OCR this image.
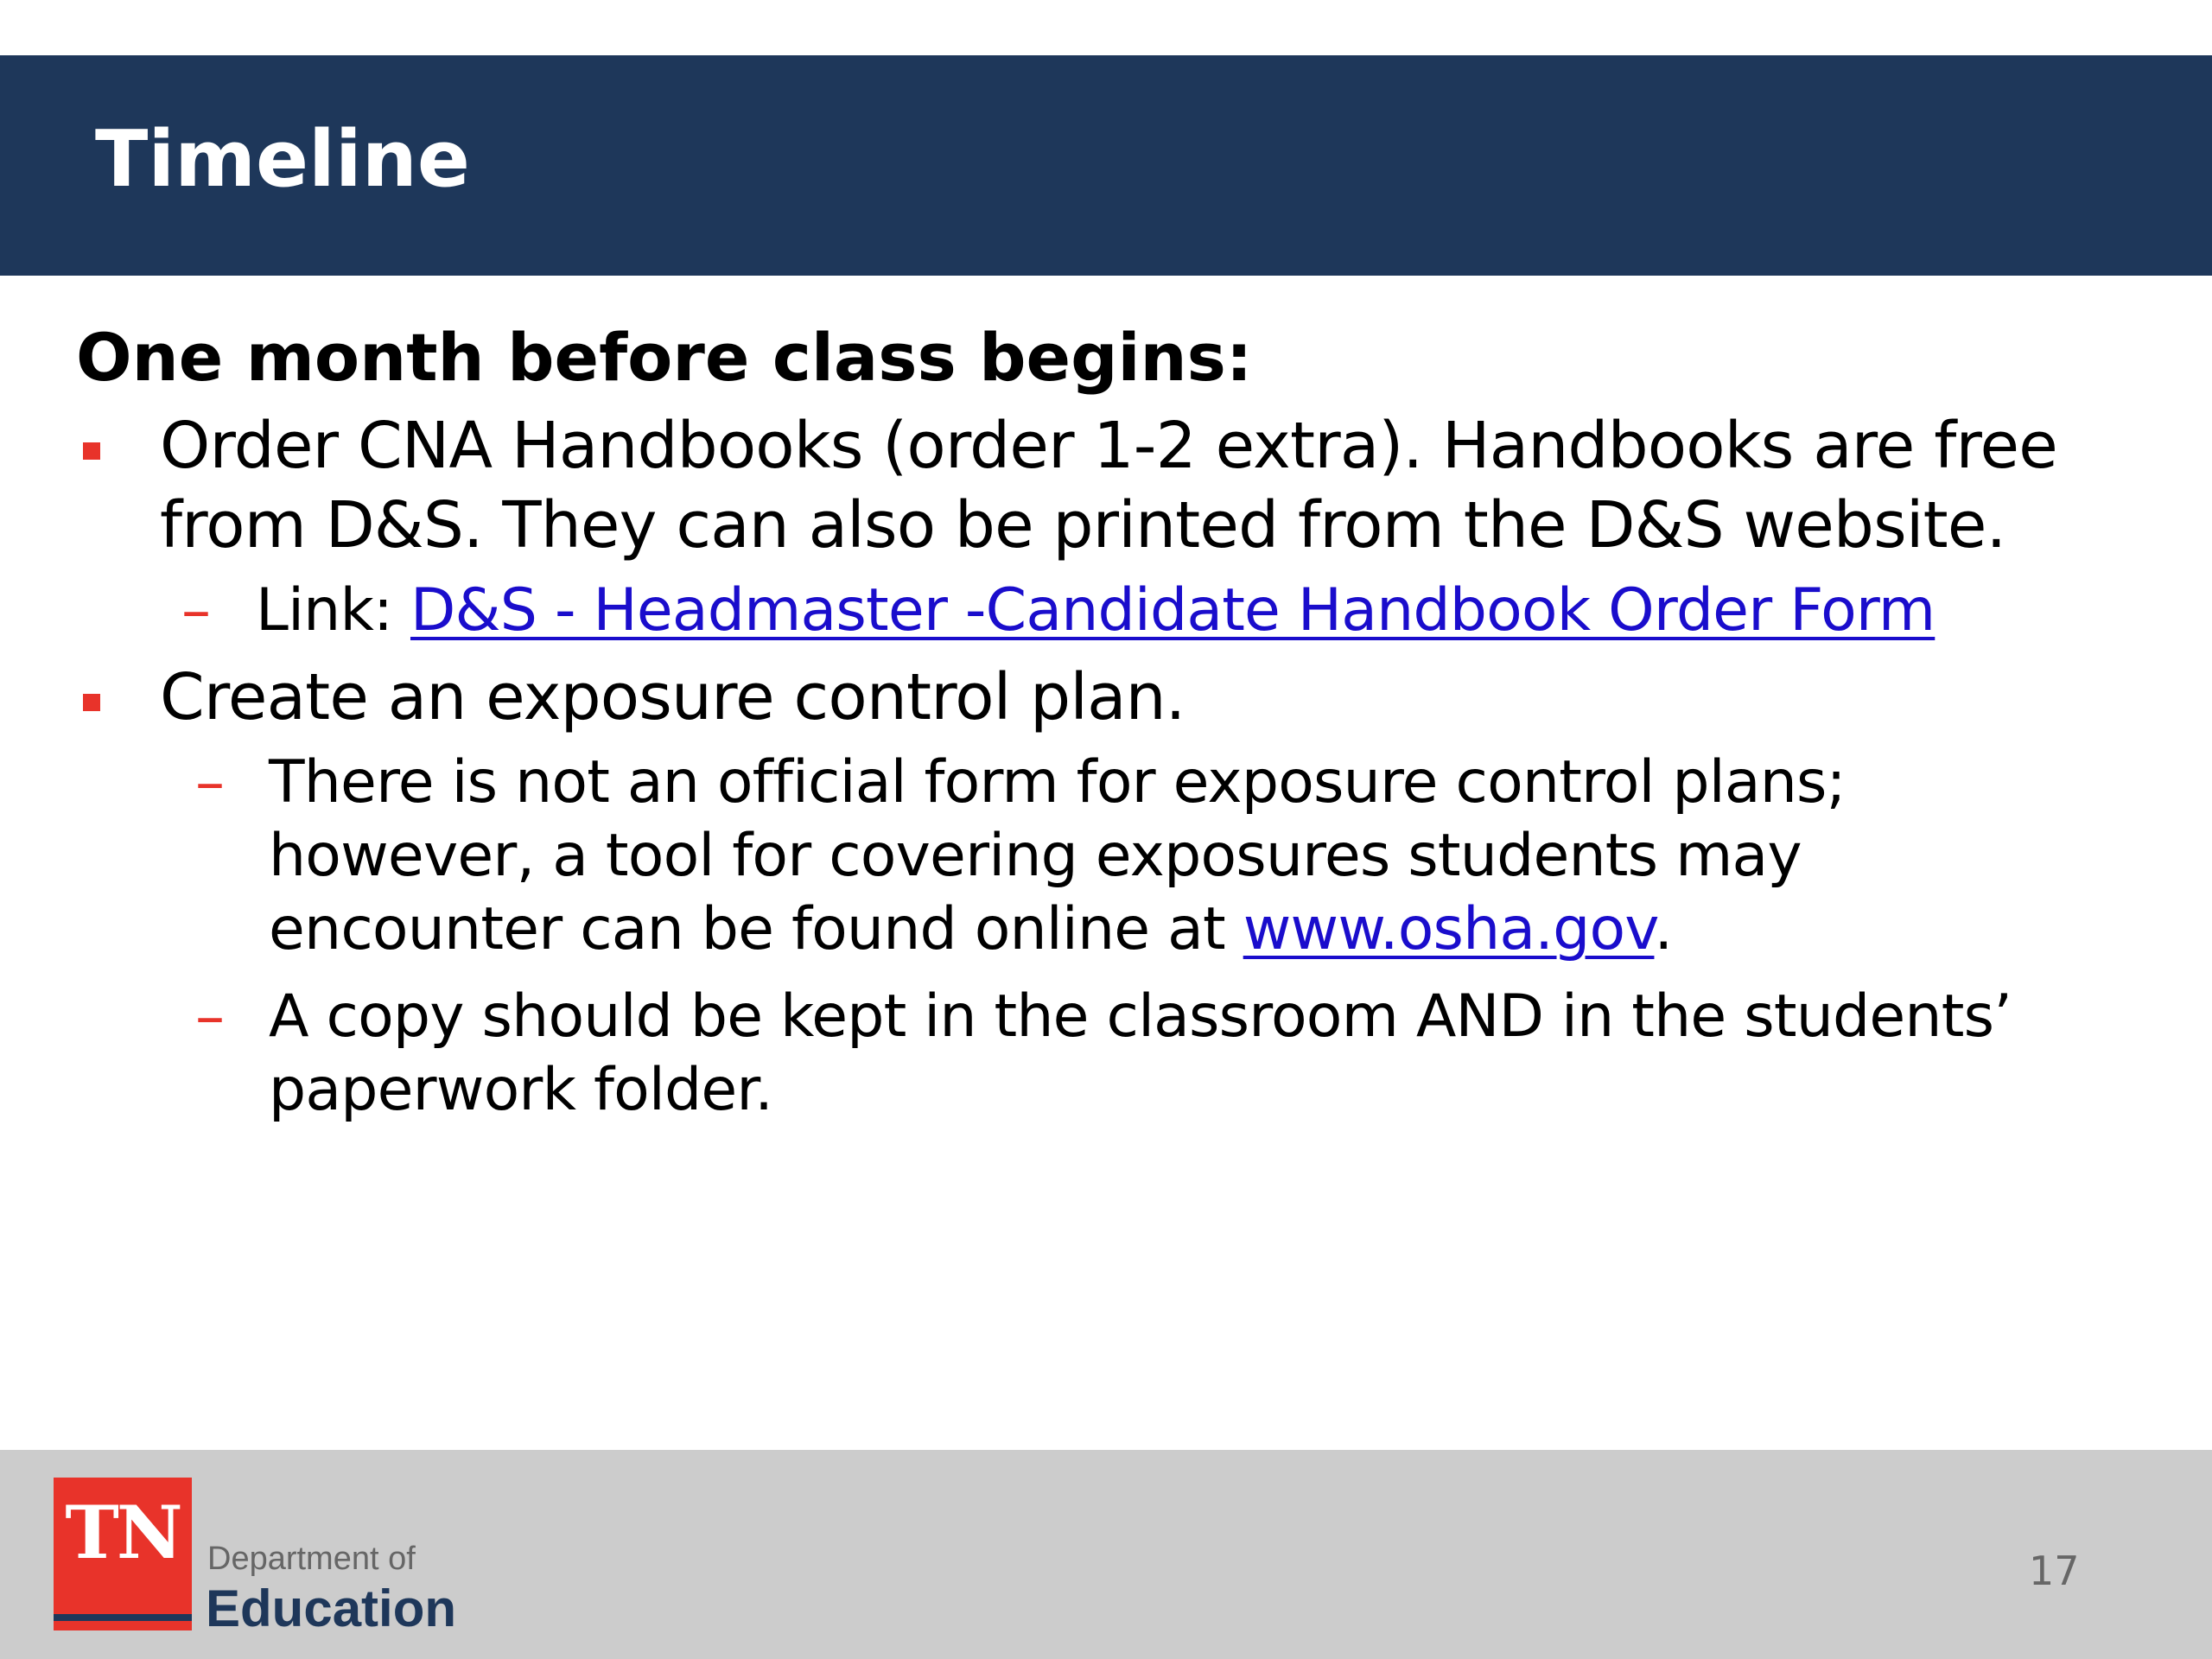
Timeline
One month before class begins:
Order CNA Handbooks (order 1-2 extra). Handbooks are free from D&S. They can also be printed from the D&S website.
– Link: D&S - Headmaster -Candidate Handbook Order Form
Create an exposure control plan.
– There is not an official form for exposure control plans; however, a tool for covering exposures students may encounter can be found online at www.osha.gov.
– A copy should be kept in the classroom AND in the students’ paperwork folder.
TN Department of
Education
17
